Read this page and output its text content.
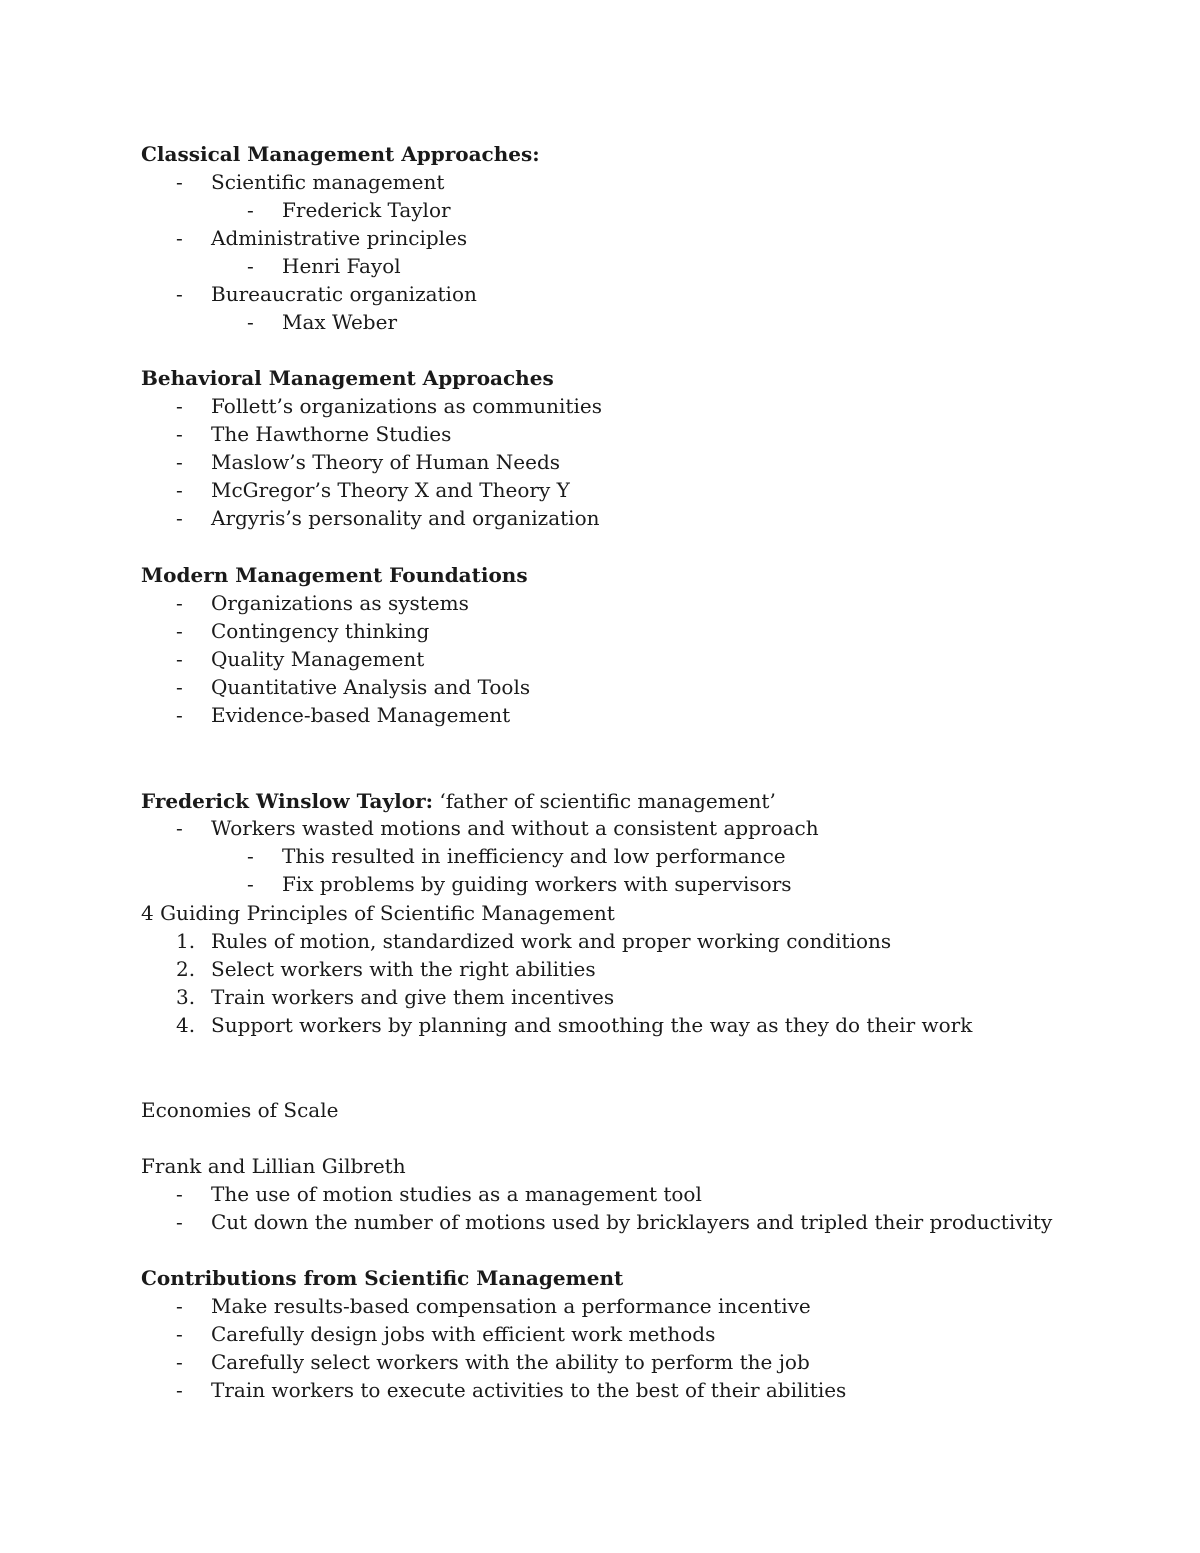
Classical Management Approaches:
- Scientific management
- Frederick Taylor
- Administrative principles
- Henri Fayol
- Bureaucratic organization
- Max Weber
Behavioral Management Approaches
- Follett’s organizations as communities
- The Hawthorne Studies
- Maslow’s Theory of Human Needs
- McGregor’s Theory X and Theory Y
- Argyris’s personality and organization
Modern Management Foundations
- Organizations as systems
- Contingency thinking
- Quality Management
- Quantitative Analysis and Tools
- Evidence-based Management
Frederick Winslow Taylor: ‘father of scientific management’
- Workers wasted motions and without a consistent approach
- This resulted in inefficiency and low performance
- Fix problems by guiding workers with supervisors
4 Guiding Principles of Scientific Management
1. Rules of motion, standardized work and proper working conditions
2. Select workers with the right abilities
3. Train workers and give them incentives
4. Support workers by planning and smoothing the way as they do their work
Economies of Scale
Frank and Lillian Gilbreth
- The use of motion studies as a management tool
- Cut down the number of motions used by bricklayers and tripled their productivity
Contributions from Scientific Management
- Make results-based compensation a performance incentive
- Carefully design jobs with efficient work methods
- Carefully select workers with the ability to perform the job
- Train workers to execute activities to the best of their abilities
